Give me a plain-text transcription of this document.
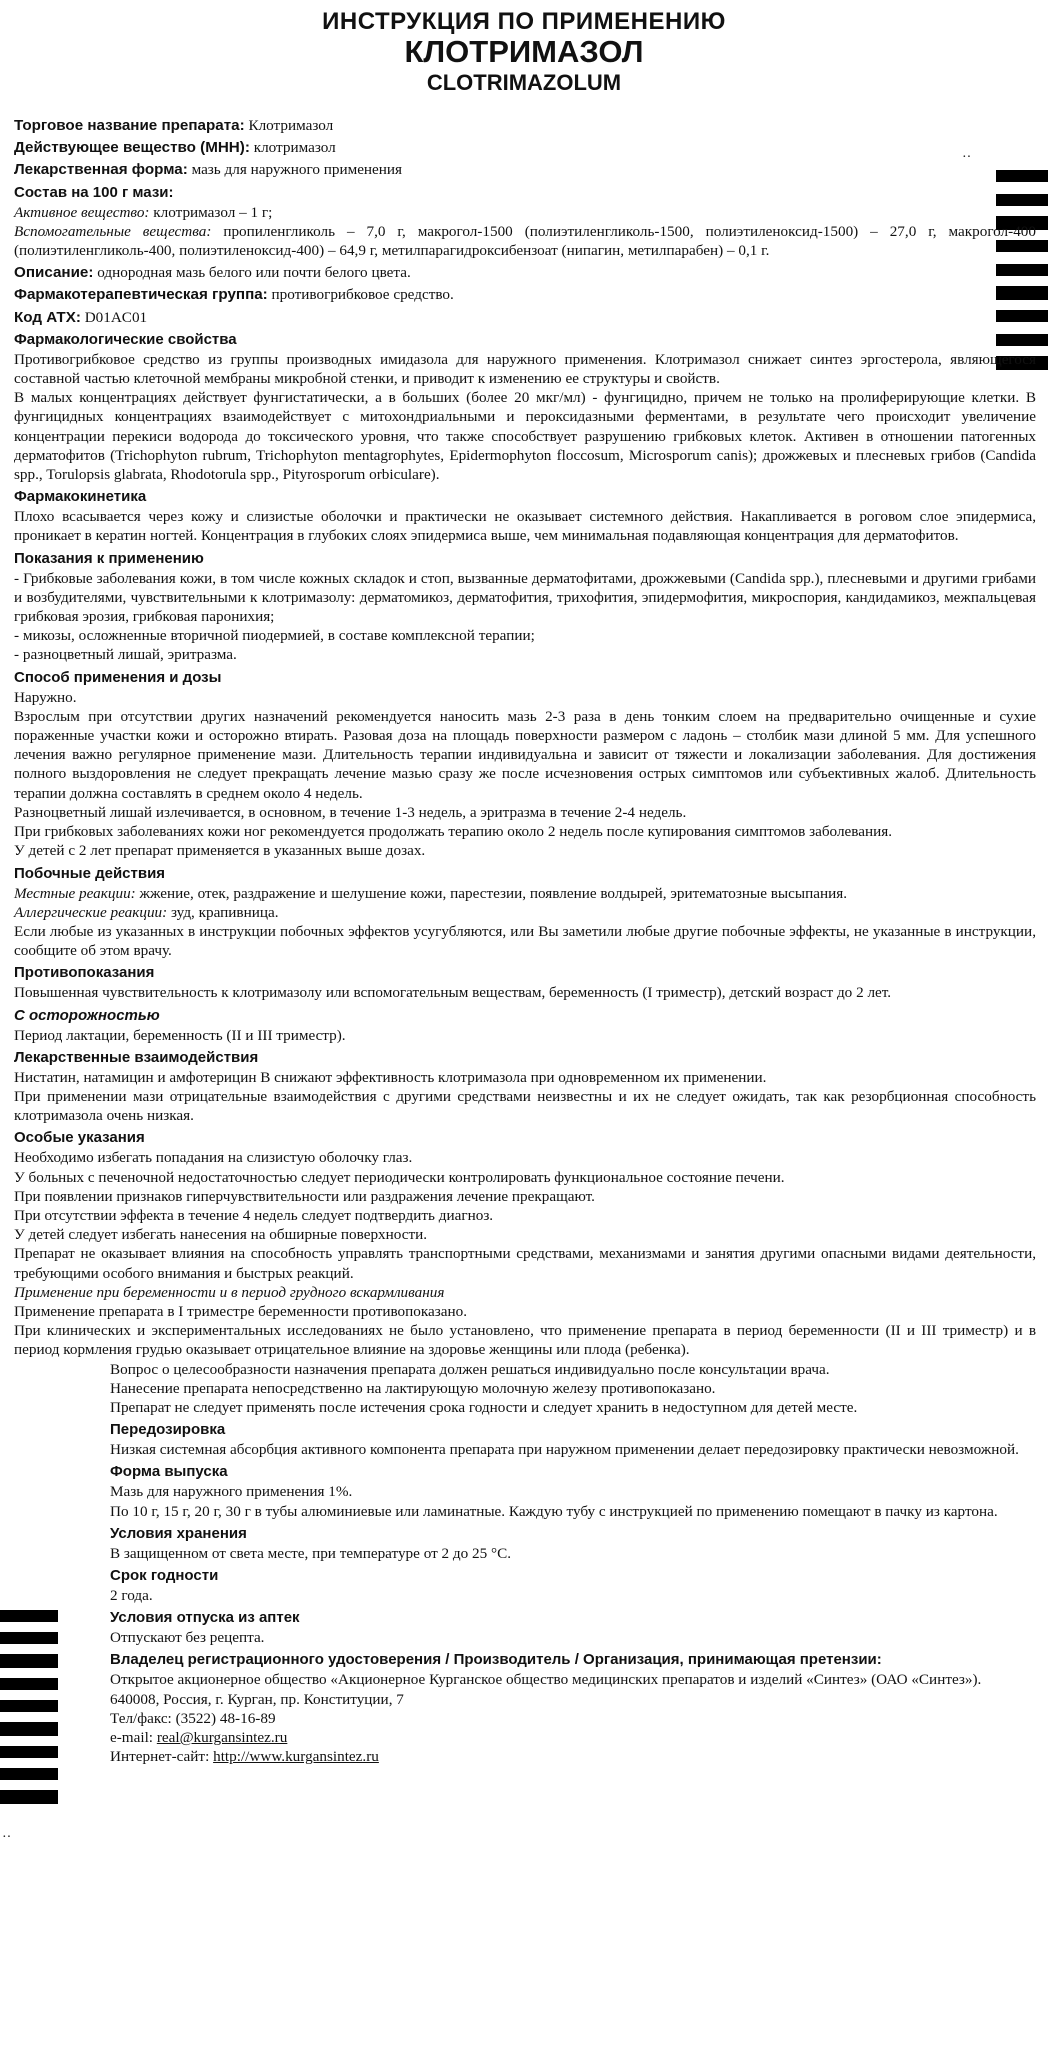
ИНСТРУКЦИЯ ПО ПРИМЕНЕНИЮ
КЛОТРИМАЗОЛ
CLOTRIMAZOLUM
··
··
Торговое название препарата: Клотримазол
Действующее вещество (МНН): клотримазол
Лекарственная форма: мазь для наружного применения
Состав на 100 г мази:
Активное вещество: клотримазол – 1 г;
Вспомогательные вещества: пропиленгликоль – 7,0 г, макрогол-1500 (полиэтиленгликоль-1500, полиэтиленоксид-1500) – 27,0 г, макрогол-400 (полиэтиленгликоль-400, полиэтиленоксид-400) – 64,9 г, метилпарагидроксибензоат (нипагин, метилпарабен) – 0,1 г.
Описание: однородная мазь белого или почти белого цвета.
Фармакотерапевтическая группа: противогрибковое средство.
Код АТХ: D01AC01
Фармакологические свойства
Противогрибковое средство из группы производных имидазола для наружного применения. Клотримазол снижает синтез эргостерола, являющегося составной частью клеточной мембраны микробной стенки, и приводит к изменению ее структуры и свойств.
В малых концентрациях действует фунгистатически, а в больших (более 20 мкг/мл) - фунгицидно, причем не только на пролиферирующие клетки. В фунгицидных концентрациях взаимодействует с митохондриальными и пероксидазными ферментами, в результате чего происходит увеличение концентрации перекиси водорода до токсического уровня, что также способствует разрушению грибковых клеток. Активен в отношении патогенных дерматофитов (Trichophyton rubrum, Trichophyton mentagrophytes, Epidermophyton floccosum, Microsporum canis); дрожжевых и плесневых грибов (Candida spp., Torulopsis glabrata, Rhodotorula spp., Pityrosporum orbiculare).
Фармакокинетика
Плохо всасывается через кожу и слизистые оболочки и практически не оказывает системного действия. Накапливается в роговом слое эпидермиса, проникает в кератин ногтей. Концентрация в глубоких слоях эпидермиса выше, чем минимальная подавляющая концентрация для дерматофитов.
Показания к применению
- Грибковые заболевания кожи, в том числе кожных складок и стоп, вызванные дерматофитами, дрожжевыми (Candida spp.), плесневыми и другими грибами и возбудителями, чувствительными к клотримазолу: дерматомикоз, дерматофития, трихофития, эпидермофития, микроспория, кандидамикоз, межпальцевая грибковая эрозия, грибковая паронихия;
- микозы, осложненные вторичной пиодермией, в составе комплексной терапии;
- разноцветный лишай, эритразма.
Способ применения и дозы
Наружно.
Взрослым при отсутствии других назначений рекомендуется наносить мазь 2-3 раза в день тонким слоем на предварительно очищенные и сухие пораженные участки кожи и осторожно втирать. Разовая доза на площадь поверхности размером с ладонь – столбик мази длиной 5 мм. Для успешного лечения важно регулярное применение мази. Длительность терапии индивидуальна и зависит от тяжести и локализации заболевания. Для достижения полного выздоровления не следует прекращать лечение мазью сразу же после исчезновения острых симптомов или субъективных жалоб. Длительность терапии должна составлять в среднем около 4 недель.
Разноцветный лишай излечивается, в основном, в течение 1-3 недель, а эритразма в течение 2-4 недель.
При грибковых заболеваниях кожи ног рекомендуется продолжать терапию около 2 недель после купирования симптомов заболевания.
У детей с 2 лет препарат применяется в указанных выше дозах.
Побочные действия
Местные реакции: жжение, отек, раздражение и шелушение кожи, парестезии, появление волдырей, эритематозные высыпания.
Аллергические реакции: зуд, крапивница.
Если любые из указанных в инструкции побочных эффектов усугубляются, или Вы заметили любые другие побочные эффекты, не указанные в инструкции, сообщите об этом врачу.
Противопоказания
Повышенная чувствительность к клотримазолу или вспомогательным веществам, беременность (I триместр), детский возраст до 2 лет.
С осторожностью
Период лактации, беременность (II и III триместр).
Лекарственные взаимодействия
Нистатин, натамицин и амфотерицин В снижают эффективность клотримазола при одновременном их применении.
При применении мази отрицательные взаимодействия с другими средствами неизвестны и их не следует ожидать, так как резорбционная способность клотримазола очень низкая.
Особые указания
Необходимо избегать попадания на слизистую оболочку глаз.
У больных с печеночной недостаточностью следует периодически контролировать функциональное состояние печени.
При появлении признаков гиперчувствительности или раздражения лечение прекращают.
При отсутствии эффекта в течение 4 недель следует подтвердить диагноз.
У детей следует избегать нанесения на обширные поверхности.
Препарат не оказывает влияния на способность управлять транспортными средствами, механизмами и занятия другими опасными видами деятельности, требующими особого внимания и быстрых реакций.
Применение при беременности и в период грудного вскармливания
Применение препарата в I триместре беременности противопоказано.
При клинических и экспериментальных исследованиях не было установлено, что применение препарата в период беременности (II и III триместр) и в период кормления грудью оказывает отрицательное влияние на здоровье женщины или плода (ребенка).
Вопрос о целесообразности назначения препарата должен решаться индивидуально после консультации врача.
Нанесение препарата непосредственно на лактирующую молочную железу противопоказано.
Препарат не следует применять после истечения срока годности и следует хранить в недоступном для детей месте.
Передозировка
Низкая системная абсорбция активного компонента препарата при наружном применении делает передозировку практически невозможной.
Форма выпуска
Мазь для наружного применения 1%.
По 10 г, 15 г, 20 г, 30 г в тубы алюминиевые или ламинатные. Каждую тубу с инструкцией по применению помещают в пачку из картона.
Условия хранения
В защищенном от света месте, при температуре от 2 до 25 °С.
Срок годности
2 года.
Условия отпуска из аптек
Отпускают без рецепта.
Владелец регистрационного удостоверения / Производитель / Организация, принимающая претензии:
Открытое акционерное общество «Акционерное Курганское общество медицинских препаратов и изделий «Синтез» (ОАО «Синтез»).
640008, Россия, г. Курган, пр. Конституции, 7
Тел/факс: (3522) 48-16-89
e-mail: real@kurgansintez.ru
Интернет-сайт: http://www.kurgansintez.ru
